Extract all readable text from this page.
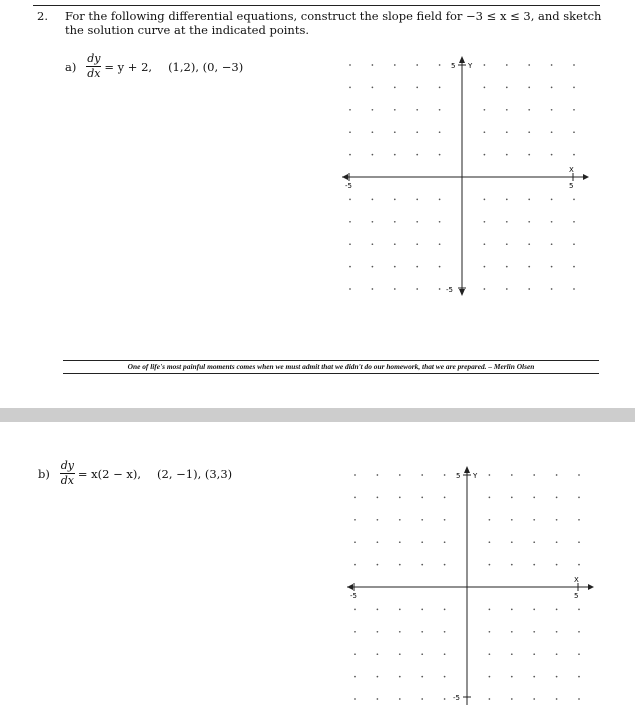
2. For the following differential equations, construct the slope field for −3 ≤ x ≤ 3, and sketch the solution curve at the indicated points.
$a) \frac{dy}{dx} = y + 2$, (1,2), (0, −3)	5 Y
-5
-5	5
X
One of life's most painful moments comes when we must admit that we didn't do our homework, that we are prepared. – Merlin Olsen
$b) \frac{dy}{dx} = x(2 - x)$, (2, −1), (3,3)	5 Y
-5
-5	5
X
